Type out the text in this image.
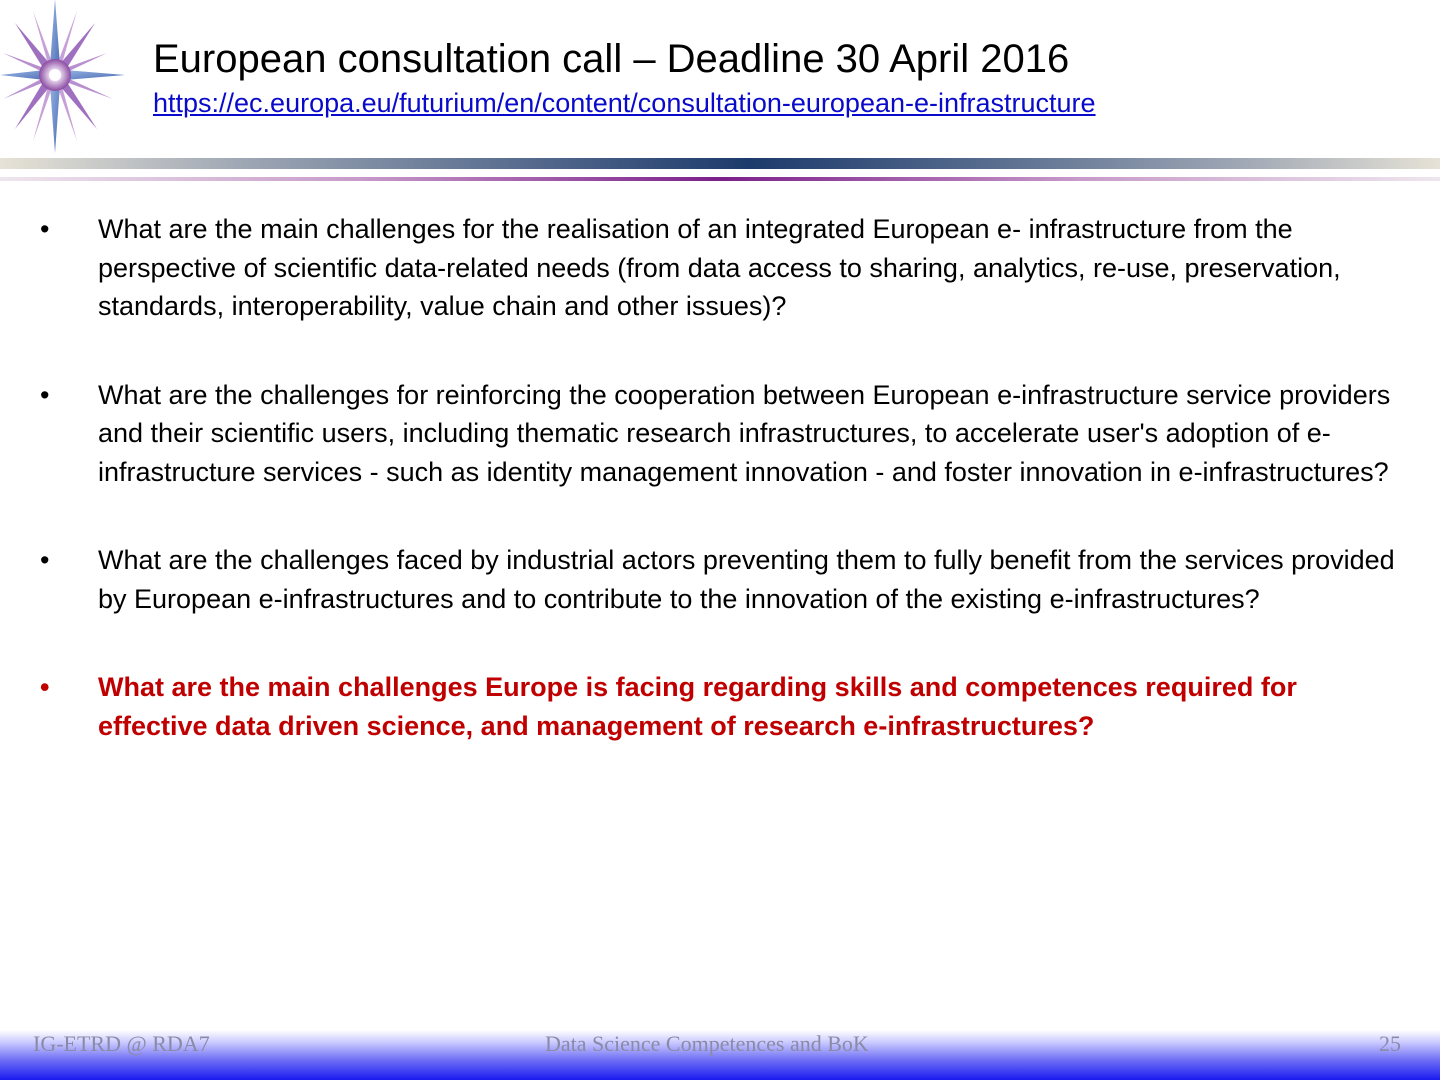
European consultation call – Deadline 30 April 2016
https://ec.europa.eu/futurium/en/content/consultation-european-e-infrastructure
• What are the main challenges for the realisation of an integrated European e- infrastructure from the perspective of scientific data-related needs (from data access to sharing, analytics, re-use, preservation, standards, interoperability, value chain and other issues)?
• What are the challenges for reinforcing the cooperation between European e-infrastructure service providers and their scientific users, including thematic research infrastructures, to accelerate user's adoption of e-infrastructure services - such as identity management innovation - and foster innovation in e-infrastructures?
• What are the challenges faced by industrial actors preventing them to fully benefit from the services provided by European e-infrastructures and to contribute to the innovation of the existing e-infrastructures?
• What are the main challenges Europe is facing regarding skills and competences required for effective data driven science, and management of research e-infrastructures?
IG-ETRD @ RDA7	Data Science Competences and BoK	25
